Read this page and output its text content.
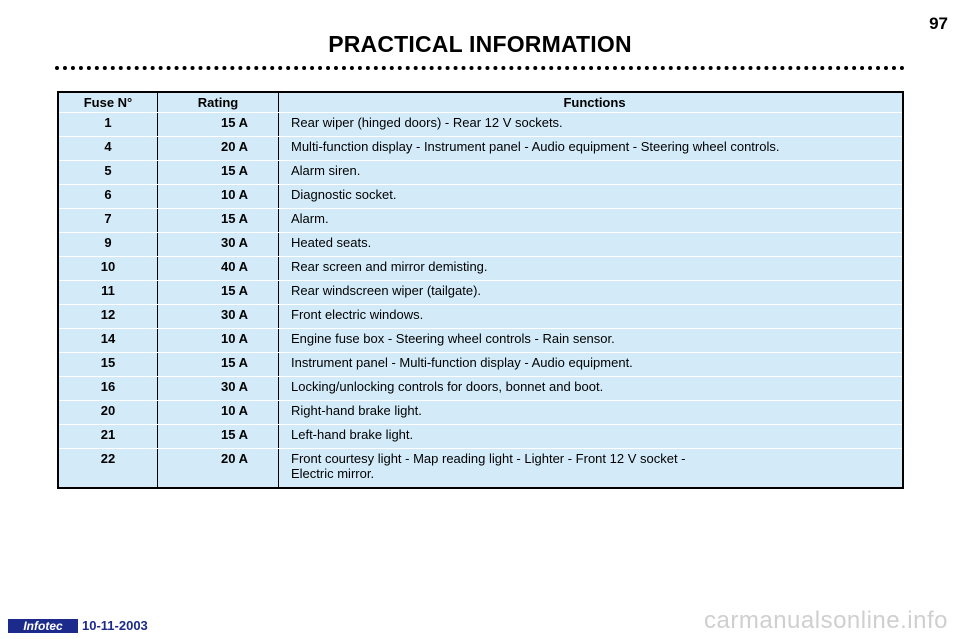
97
PRACTICAL INFORMATION
Fuse N°	Rating	Functions
1	15 A	Rear wiper (hinged doors) - Rear 12 V sockets.
4	20 A	Multi-function display - Instrument panel - Audio equipment - Steering wheel controls.
5	15 A	Alarm siren.
6	10 A	Diagnostic socket.
7	15 A	Alarm.
9	30 A	Heated seats.
10	40 A	Rear screen and mirror demisting.
11	15 A	Rear windscreen wiper (tailgate).
12	30 A	Front electric windows.
14	10 A	Engine fuse box - Steering wheel controls - Rain sensor.
15	15 A	Instrument panel - Multi-function display - Audio equipment.
16	30 A	Locking/unlocking controls for doors, bonnet and boot.
20	10 A	Right-hand brake light.
21	15 A	Left-hand brake light.
22	20 A	Front courtesy light - Map reading light - Lighter - Front 12 V socket -
Electric mirror.
Infotec	10-11-2003	carmanualsonline.info
